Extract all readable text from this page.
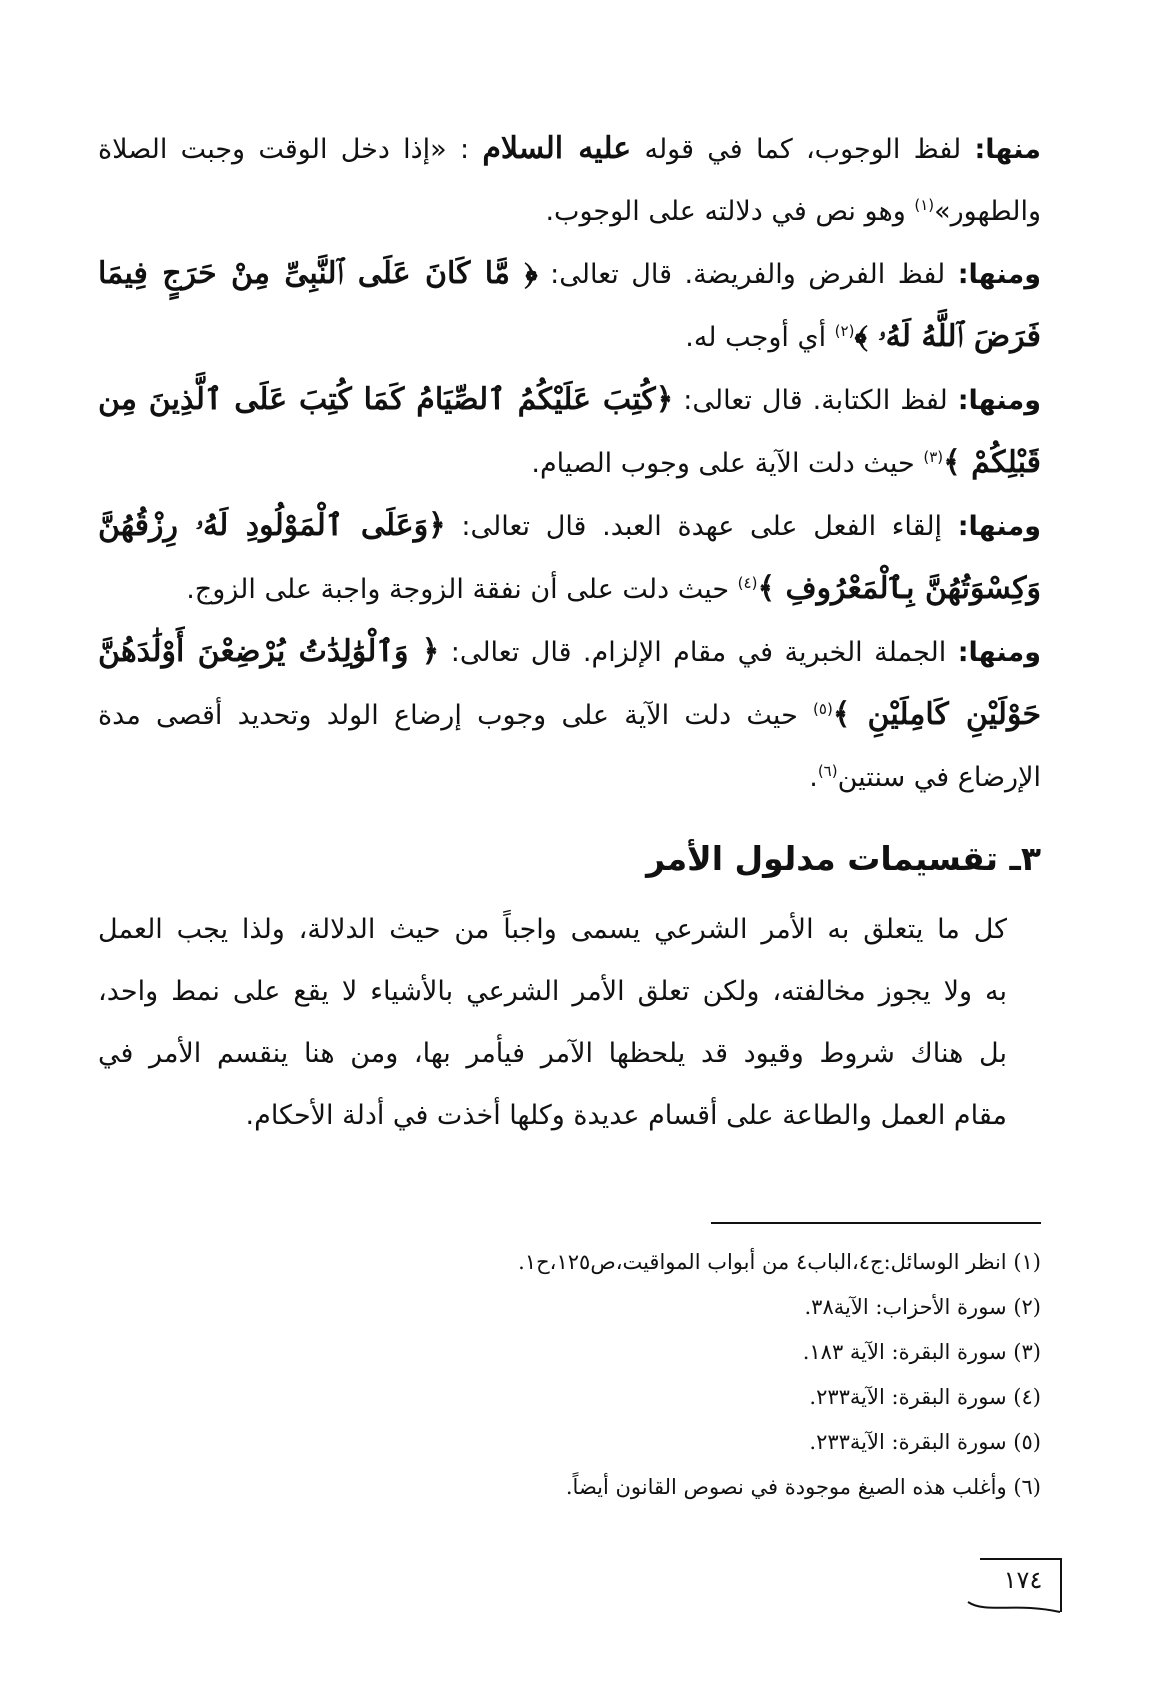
منها: لفظ الوجوب، كما في قوله عليه السلام : «إذا دخل الوقت وجبت الصلاة والطهور»$^{(١)}$ وهو نص في دلالته على الوجوب.

ومنها: لفظ الفرض والفريضة. قال تعالى: ﴿ مَّا كَانَ عَلَى ٱلنَّبِىِّ مِنْ حَرَجٍ فِيمَا فَرَضَ ٱللَّهُ لَهُۥ ﴾$^{(٢)}$ أي أوجب له.

ومنها: لفظ الكتابة. قال تعالى: ﴿كُتِبَ عَلَيْكُمُ ٱلصِّيَامُ كَمَا كُتِبَ عَلَى ٱلَّذِينَ مِن قَبْلِكُمْ ﴾$^{(٣)}$ حيث دلت الآية على وجوب الصيام.

ومنها: إلقاء الفعل على عهدة العبد. قال تعالى: ﴿وَعَلَى ٱلْمَوْلُودِ لَهُۥ رِزْقُهُنَّ وَكِسْوَتُهُنَّ بِٱلْمَعْرُوفِ ﴾$^{(٤)}$ حيث دلت على أن نفقة الزوجة واجبة على الزوج.

ومنها: الجملة الخبرية في مقام الإلزام. قال تعالى: ﴿ وَٱلْوَٰلِدَٰتُ يُرْضِعْنَ أَوْلَٰدَهُنَّ حَوْلَيْنِ كَامِلَيْنِ ﴾$^{(٥)}$ حيث دلت الآية على وجوب إرضاع الولد وتحديد أقصى مدة الإرضاع في سنتين$^{(٦)}$.

٣ـ تقسيمات مدلول الأمر

كل ما يتعلق به الأمر الشرعي يسمى واجباً من حيث الدلالة، ولذا يجب العمل
به ولا يجوز مخالفته، ولكن تعلق الأمر الشرعي بالأشياء لا يقع على نمط واحد،
بل هناك شروط وقيود قد يلحظها الآمر فيأمر بها، ومن هنا ينقسم الأمر في
مقام العمل والطاعة على أقسام عديدة وكلها أخذت في أدلة الأحكام.

(١) انظر الوسائل:ج٤،الباب٤ من أبواب المواقيت،ص١٢٥،ح١.
(٢) سورة الأحزاب: الآية٣٨.
(٣) سورة البقرة: الآية ١٨٣.
(٤) سورة البقرة: الآية٢٣٣.
(٥) سورة البقرة: الآية٢٣٣.
(٦) وأغلب هذه الصيغ موجودة في نصوص القانون أيضاً.
١٧٤
